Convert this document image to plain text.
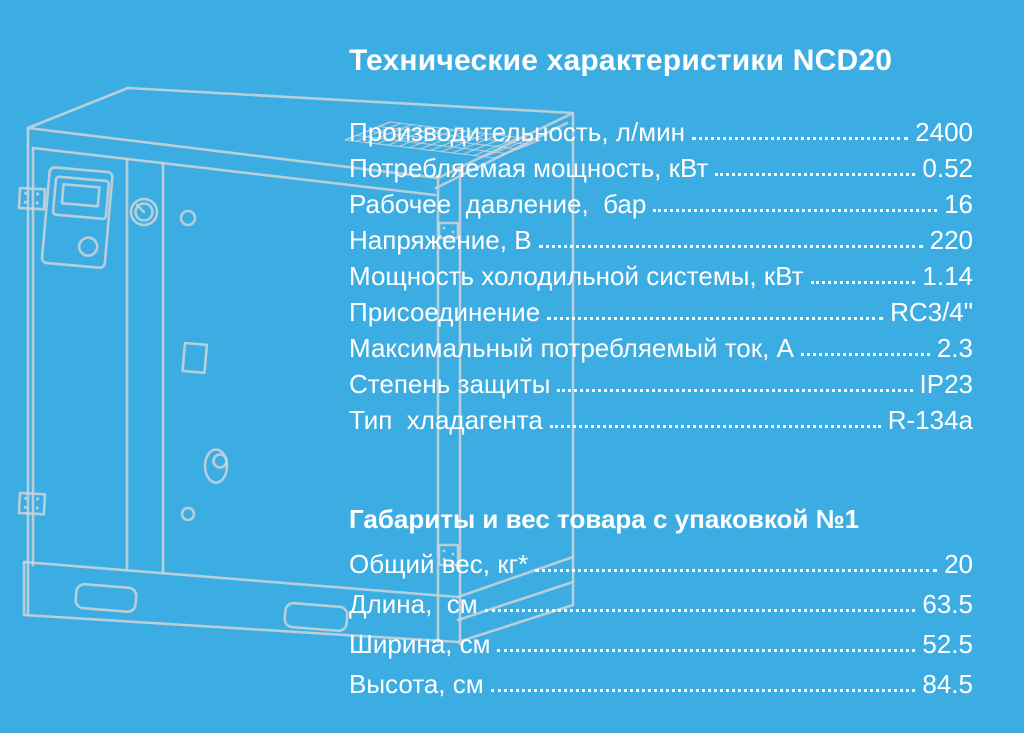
Технические характеристики NCD20
Производительность, л/мин	2400
Потребляемая мощность, кВт	0.52
Рабочее  давление,  бар	16
Напряжение, В	220
Мощность холодильной системы, кВт	1.14
Присоединение	RC3/4"
Максимальный потребляемый ток, А	2.3
Степень защиты	IP23
Тип  хладагента	R-134a
Габариты и вес товара с упаковкой №1
Общий вес, кг*	20
Длина,  см	63.5
Ширина, см	52.5
Высота, см	84.5
